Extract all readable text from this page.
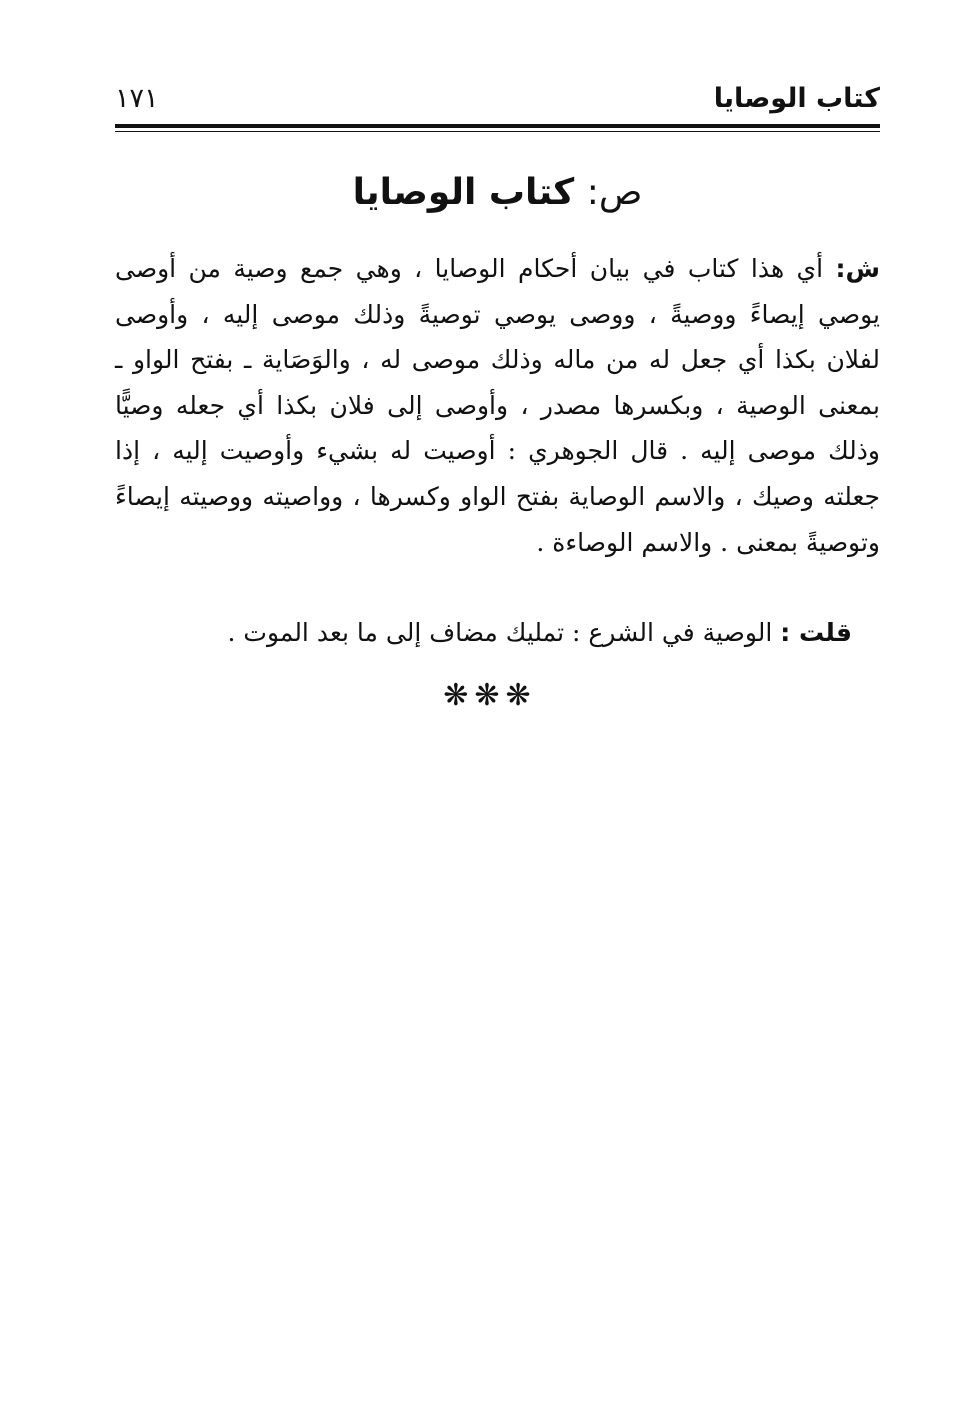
كتاب الوصايا
١٧١
ص: كتاب الوصايا

ش: أي هذا كتاب في بيان أحكام الوصايا ، وهي جمع وصية من أوصى يوصي إيصاءً ووصيةً ، ووصى يوصي توصيةً وذلك موصى إليه ، وأوصى لفلان بكذا أي جعل له من ماله وذلك موصى له ، والوَصَاية ـ بفتح الواو ـ بمعنى الوصية ، وبكسرها مصدر ، وأوصى إلى فلان بكذا أي جعله وصيًّا وذلك موصى إليه . قال الجوهري : أوصيت له بشيء وأوصيت إليه ، إذا جعلته وصيك ، والاسم الوصاية بفتح الواو وكسرها ، وواصيته ووصيته إيصاءً وتوصيةً بمعنى . والاسم الوصاءة .

قلت : الوصية في الشرع : تمليك مضاف إلى ما بعد الموت .
❋❋❋
